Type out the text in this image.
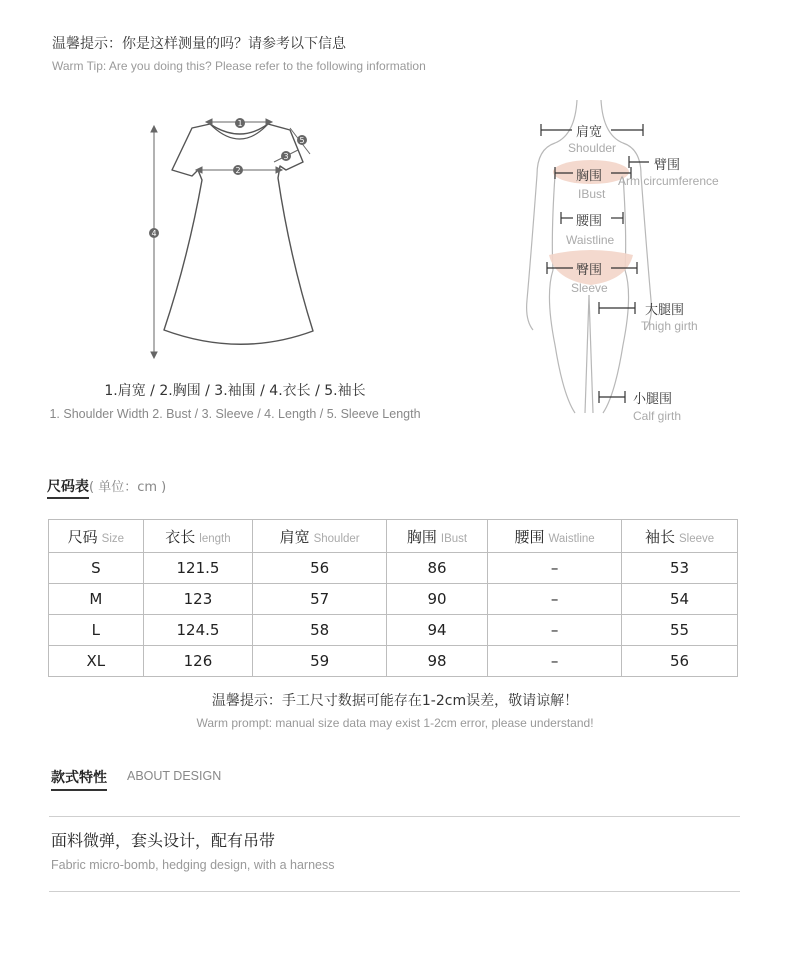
温馨提示：你是这样测量的吗？请参考以下信息
Warm Tip: Are you doing this? Please refer to the following information
1
2
3
4
5
1.肩宽 / 2.胸围 / 3.袖围 / 4.衣长 / 5.袖长
1. Shoulder Width 2. Bust / 3. Sleeve / 4. Length / 5. Sleeve Length
肩宽
Shoulder
胸围
IBust
臂围
Arm circumference
腰围
Waistline
臀围
Sleeve
大腿围
Thigh girth
小腿围
Calf girth
尺码表( 单位：cm )
尺码 Size	衣长 length	肩宽 Shoulder	胸围 IBust	腰围 Waistline	袖长 Sleeve
S	121.5	56	86	–	53
M	123	57	90	–	54
L	124.5	58	94	–	55
XL	126	59	98	–	56
温馨提示：手工尺寸数据可能存在1-2cm误差，敬请谅解！
Warm prompt: manual size data may exist 1-2cm error, please understand!
款式特性 ABOUT DESIGN
面料微弹，套头设计，配有吊带
Fabric micro-bomb, hedging design, with a harness
